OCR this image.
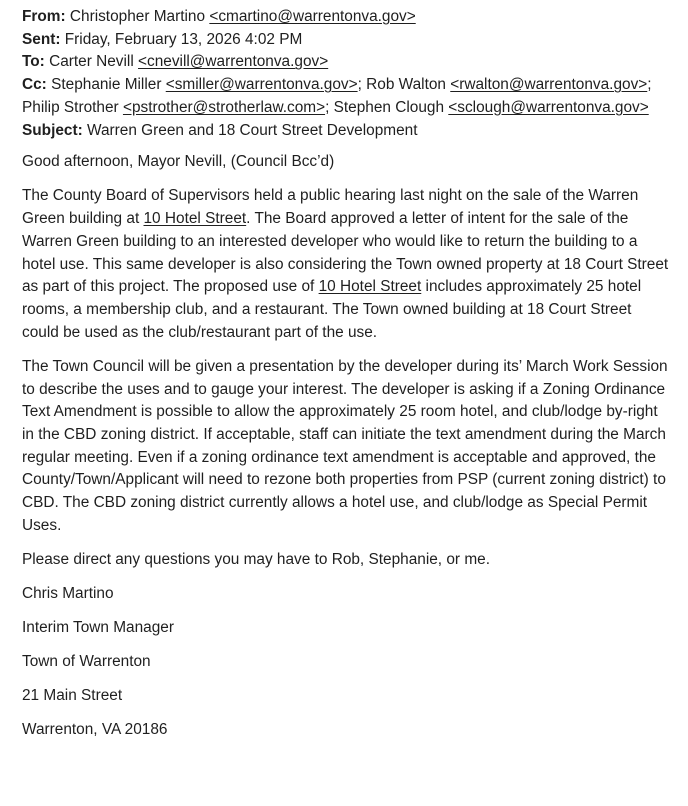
From: Christopher Martino <cmartino@warrentonva.gov>
Sent: Friday, February 13, 2026 4:02 PM
To: Carter Nevill <cnevill@warrentonva.gov>
Cc: Stephanie Miller <smiller@warrentonva.gov>; Rob Walton <rwalton@warrentonva.gov>; Philip Strother <pstrother@strotherlaw.com>; Stephen Clough <sclough@warrentonva.gov>
Subject: Warren Green and 18 Court Street Development

Good afternoon, Mayor Nevill, (Council Bcc’d)

The County Board of Supervisors held a public hearing last night on the sale of the Warren Green building at 10 Hotel Street. The Board approved a letter of intent for the sale of the Warren Green building to an interested developer who would like to return the building to a hotel use. This same developer is also considering the Town owned property at 18 Court Street as part of this project. The proposed use of 10 Hotel Street includes approximately 25 hotel rooms, a membership club, and a restaurant. The Town owned building at 18 Court Street could be used as the club/restaurant part of the use.

The Town Council will be given a presentation by the developer during its’ March Work Session to describe the uses and to gauge your interest. The developer is asking if a Zoning Ordinance Text Amendment is possible to allow the approximately 25 room hotel, and club/lodge by-right in the CBD zoning district. If acceptable, staff can initiate the text amendment during the March regular meeting. Even if a zoning ordinance text amendment is acceptable and approved, the County/Town/Applicant will need to rezone both properties from PSP (current zoning district) to CBD. The CBD zoning district currently allows a hotel use, and club/lodge as Special Permit Uses.

Please direct any questions you may have to Rob, Stephanie, or me.

Chris Martino
Interim Town Manager
Town of Warrenton
21 Main Street
Warrenton, VA 20186
